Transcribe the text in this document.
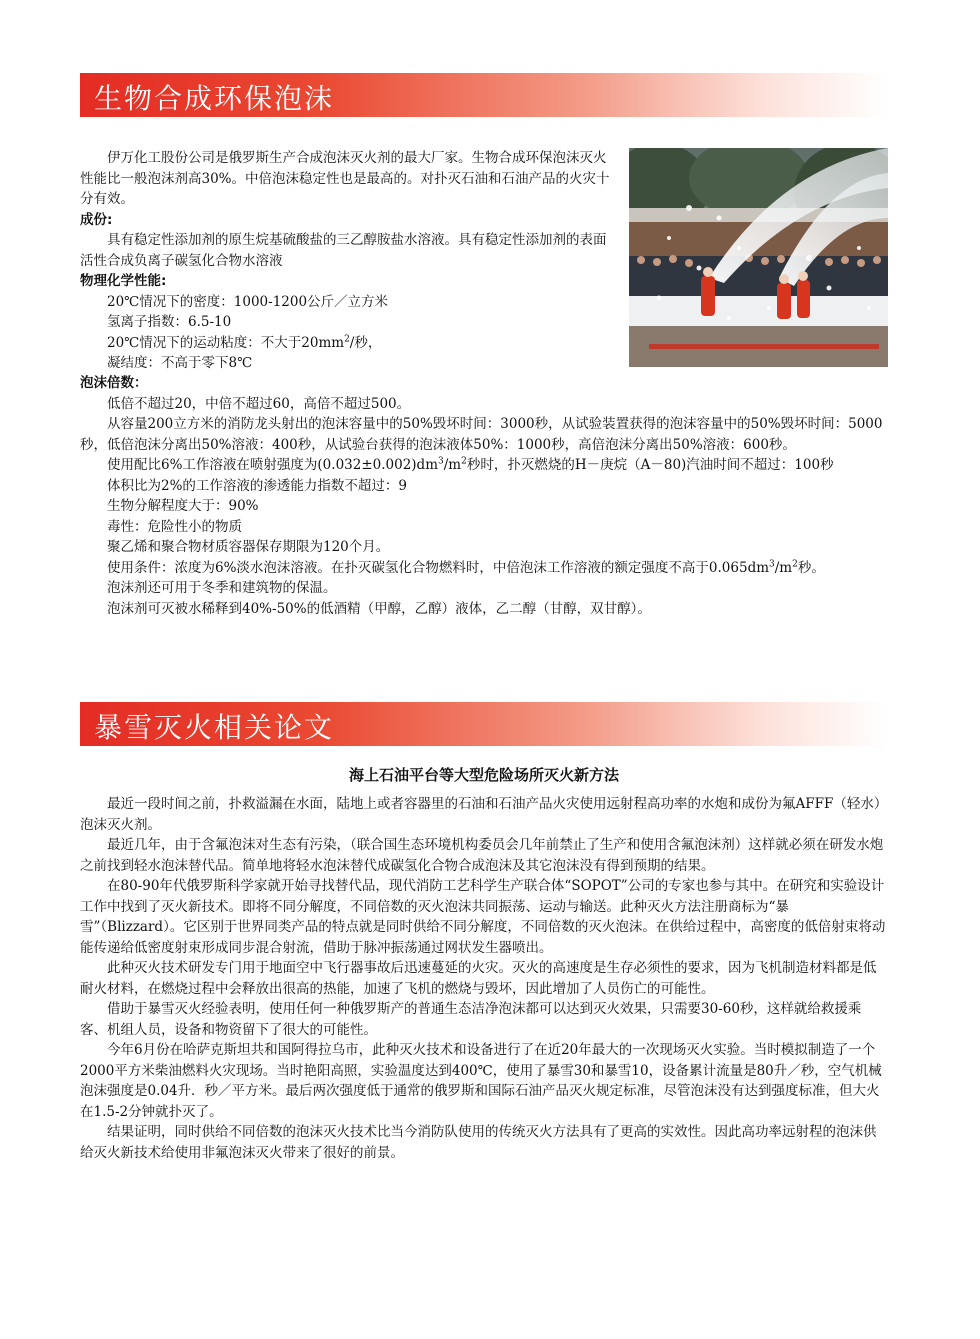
生物合成环保泡沫

伊万化工股份公司是俄罗斯生产合成泡沫灭火剂的最大厂家。生物合成环保泡沫灭火性能比一般泡沫剂高30%。中倍泡沫稳定性也是最高的。对扑灭石油和石油产品的火灾十分有效。

成份:

具有稳定性添加剂的原生烷基硫酸盐的三乙醇胺盐水溶液。具有稳定性添加剂的表面活性合成负离子碳氢化合物水溶液

物理化学性能:

20℃情况下的密度：1000-1200公斤／立方米

氢离子指数：6.5-10

20℃情况下的运动粘度：不大于$20mm^2/$秒，

凝结度：不高于零下8℃

泡沫倍数：

低倍不超过20，中倍不超过60，高倍不超过500。

从容量200立方米的消防龙头射出的泡沫容量中的50%毁坏时间：3000秒，从试验装置获得的泡沫容量中的50%毁坏时间：5000秒，低倍泡沫分离出50%溶液：400秒，从试验台获得的泡沫液体50%：1000秒，高倍泡沫分离出50%溶液：600秒。

使用配比6%工作溶液在喷射强度为$(0.032\pm 0.002)dm^3/m^2$秒时，扑灭燃烧的H－庚烷（A－80)汽油时间不超过：100秒

体积比为2%的工作溶液的渗透能力指数不超过：9

生物分解程度大于：90%

毒性：危险性小的物质

聚乙烯和聚合物材质容器保存期限为120个月。

使用条件：浓度为6%淡水泡沫溶液。在扑灭碳氢化合物燃料时，中倍泡沫工作溶液的额定强度不高于$0.065dm^3/m^2$秒。

泡沫剂还可用于冬季和建筑物的保温。

泡沫剂可灭被水稀释到40%-50%的低酒精（甲醇，乙醇）液体，乙二醇（甘醇，双甘醇）。

暴雪灭火相关论文
海上石油平台等大型危险场所灭火新方法

最近一段时间之前，扑救溢漏在水面，陆地上或者容器里的石油和石油产品火灾使用远射程高功率的水炮和成份为氟AFFF（轻水）泡沫灭火剂。

最近几年，由于含氟泡沫对生态有污染，（联合国生态环境机构委员会几年前禁止了生产和使用含氟泡沫剂）这样就必须在研发水炮之前找到轻水泡沫替代品。简单地将轻水泡沫替代成碳氢化合物合成泡沫及其它泡沫没有得到预期的结果。

在80-90年代俄罗斯科学家就开始寻找替代品，现代消防工艺科学生产联合体“SOPOT”公司的专家也参与其中。在研究和实验设计工作中找到了灭火新技术。即将不同分解度，不同倍数的灭火泡沫共同振荡、运动与输送。此种灭火方法注册商标为“暴雪”（Blizzard）。它区别于世界同类产品的特点就是同时供给不同分解度，不同倍数的灭火泡沫。在供给过程中，高密度的低倍射束将动能传递给低密度射束形成同步混合射流，借助于脉冲振荡通过网状发生器喷出。

此种灭火技术研发专门用于地面空中飞行器事故后迅速蔓延的火灾。灭火的高速度是生存必须性的要求，因为飞机制造材料都是低耐火材料，在燃烧过程中会释放出很高的热能，加速了飞机的燃烧与毁坏，因此增加了人员伤亡的可能性。

借助于暴雪灭火经验表明，使用任何一种俄罗斯产的普通生态洁净泡沫都可以达到灭火效果，只需要30-60秒，这样就给救援乘客、机组人员，设备和物资留下了很大的可能性。

今年6月份在哈萨克斯坦共和国阿得拉乌市，此种灭火技术和设备进行了在近20年最大的一次现场灭火实验。当时模拟制造了一个2000平方米柴油燃料火灾现场。当时艳阳高照，实验温度达到400℃，使用了暴雪30和暴雪10，设备累计流量是80升／秒，空气机械泡沫强度是0.04升．秒／平方米。最后两次强度低于通常的俄罗斯和国际石油产品灭火规定标准，尽管泡沫没有达到强度标准，但大火在1.5-2分钟就扑灭了。

结果证明，同时供给不同倍数的泡沫灭火技术比当今消防队使用的传统灭火方法具有了更高的实效性。因此高功率远射程的泡沫供给灭火新技术给使用非氟泡沫灭火带来了很好的前景。
